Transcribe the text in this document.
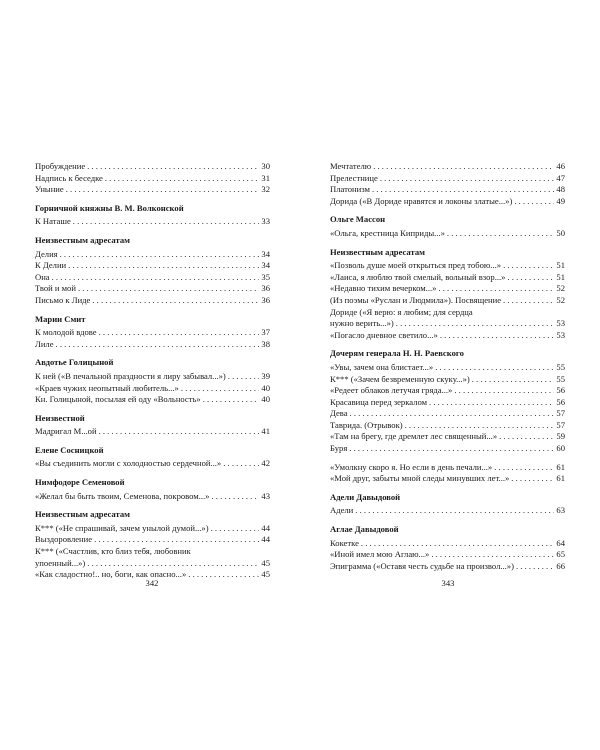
Пробуждение . . .	30
Надпись к беседке . . .	31
Уныние . . .	32
Горничной княжны В. М. Волконской
К Наташе . . .	33
Неизвестным адресатам
Делия . . .	34
К Делии . . .	34
Она . . .	35
Твой и мой . . .	36
Письмо к Лиде . . .	36
Марии Смит
К молодой вдове . . .	37
Лиле . . .	38
Авдотье Голицыной
К ней («В печальной праздности я лиру забывал...») . . .	39
«Краев чужих неопытный любитель...» . . .	40
Кн. Голицыной, посылая ей оду «Вольность» . . .	40
Неизвестной
Мадригал М...ой . . .	41
Елене Сосницкой
«Вы съединить могли с холодностью сердечной...» . . .	42
Нимфодоре Семеновой
«Желал бы быть твоим, Семенова, покровом...» . . .	43
Неизвестным адресатам
К*** («Не спрашивай, зачем унылой думой...») . . .	44
Выздоровление . . .	44
К*** («Счастлив, кто близ тебя, любовник
упоенный...») . . .	45
«Как сладостно!.. но, боги, как опасно...» . . .	45
Мечтателю . . .	46
Прелестнице . . .	47
Платонизм . . .	48
Дорида («В Дориде нравятся и локоны златые...») . . .	49
Ольге Массон
«Ольга, крестница Киприды...» . . .	50
Неизвестным адресатам
«Позволь душе моей открыться пред тобою...» . . .	51
«Лаиса, я люблю твой смелый, вольный взор...» . . .	51
«Недавно тихим вечерком...» . . .	52
(Из поэмы «Руслан и Людмила»). Посвящение . . .	52
Дориде («Я верю: я любим; для сердца
нужно верить...») . . .	53
«Погасло дневное светило...» . . .	53
Дочерям генерала Н. Н. Раевского
«Увы, зачем она блистает...» . . .	55
К*** («Зачем безвременную скуку...») . . .	55
«Редеет облаков летучая гряда...» . . .	56
Красавица перед зеркалом . . .	56
Дева . . .	57
Таврида. (Отрывок) . . .	57
«Там на брегу, где дремлет лес священный...» . . .	59
Буря . . .	60
«Умолкну скоро я. Но если в день печали...» . . .	61
«Мой друг, забыты мной следы минувших лет...» . . .	61
Адели Давыдовой
Адели . . .	63
Аглае Давыдовой
Кокетке . . .	64
«Иной имел мою Аглаю...» . . .	65
Эпиграмма («Оставя честь судьбе на произвол...») . . .	66
342	343
